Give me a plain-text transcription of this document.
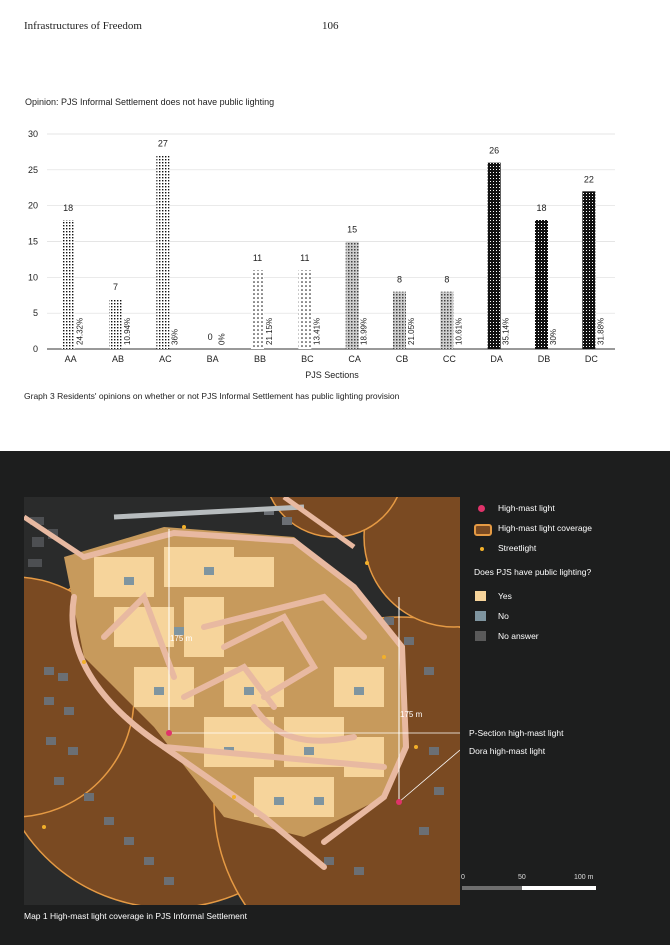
Infrastructures of Freedom	106
Opinion: PJS Informal Settlement does not have public lighting
0
5
10
15
20
25
30
18
24.32%
AA
7
10.94%
AB
27
36%
AC
0 0%
BA
11
21.15%
BB
11
13.41%
BC
15
18.99%
CA
8
21.05%
CB
8
10.61%
CC
26
35.14%
DA
18
30%
DB
22
31.88%
DC
PJS Sections
Graph 3 Residents' opinions on whether or not PJS Informal Settlement has public lighting provision
175 m
175 m
P-Section high-mast light
Dora high-mast light
High-mast light
High-mast light coverage
Streetlight
Does PJS have public lighting?
Yes
No
No answer
0	50	100 m
Map 1 High-mast light coverage in PJS Informal Settlement
